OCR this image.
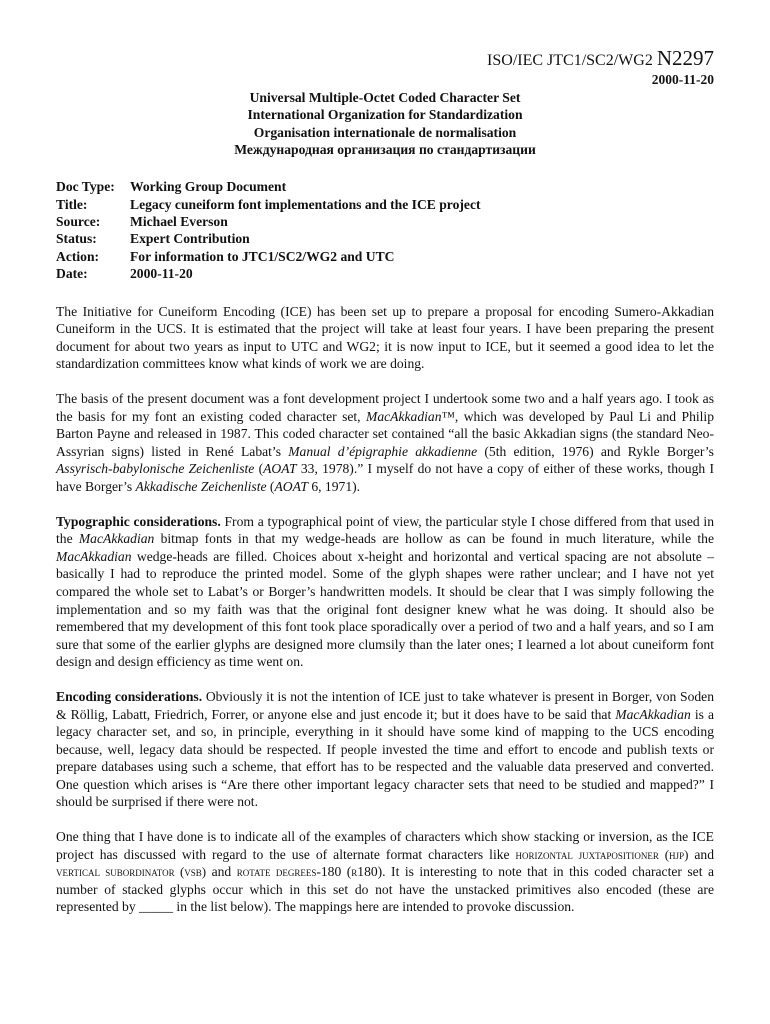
ISO/IEC JTC1/SC2/WG2 N2297
2000-11-20
Universal Multiple-Octet Coded Character Set
International Organization for Standardization
Organisation internationale de normalisation
Международная организация по стандартизации
Doc Type:	Working Group Document
Title:	Legacy cuneiform font implementations and the ICE project
Source:	Michael Everson
Status:	Expert Contribution
Action:	For information to JTC1/SC2/WG2 and UTC
Date:	2000-11-20

The Initiative for Cuneiform Encoding (ICE) has been set up to prepare a proposal for encoding Sumero-Akkadian Cuneiform in the UCS. It is estimated that the project will take at least four years. I have been preparing the present document for about two years as input to UTC and WG2; it is now input to ICE, but it seemed a good idea to let the standardization committees know what kinds of work we are doing.

The basis of the present document was a font development project I undertook some two and a half years ago. I took as the basis for my font an existing coded character set, MacAkkadian™, which was developed by Paul Li and Philip Barton Payne and released in 1987. This coded character set contained “all the basic Akkadian signs (the standard Neo-Assyrian signs) listed in René Labat’s Manual d’épigraphie akkadienne (5th edition, 1976) and Rykle Borger’s Assyrisch-babylonische Zeichenliste (AOAT 33, 1978).” I myself do not have a copy of either of these works, though I have Borger’s Akkadische Zeichenliste (AOAT 6, 1971).

Typographic considerations. From a typographical point of view, the particular style I chose differed from that used in the MacAkkadian bitmap fonts in that my wedge-heads are hollow as can be found in much literature, while the MacAkkadian wedge-heads are filled. Choices about x-height and horizontal and vertical spacing are not absolute – basically I had to reproduce the printed model. Some of the glyph shapes were rather unclear; and I have not yet compared the whole set to Labat’s or Borger’s handwritten models. It should be clear that I was simply following the implementation and so my faith was that the original font designer knew what he was doing. It should also be remembered that my development of this font took place sporadically over a period of two and a half years, and so I am sure that some of the earlier glyphs are designed more clumsily than the later ones; I learned a lot about cuneiform font design and design efficiency as time went on.

Encoding considerations. Obviously it is not the intention of ICE just to take whatever is present in Borger, von Soden & Röllig, Labatt, Friedrich, Forrer, or anyone else and just encode it; but it does have to be said that MacAkkadian is a legacy character set, and so, in principle, everything in it should have some kind of mapping to the UCS encoding because, well, legacy data should be respected. If people invested the time and effort to encode and publish texts or prepare databases using such a scheme, that effort has to be respected and the valuable data preserved and converted. One question which arises is “Are there other important legacy character sets that need to be studied and mapped?” I should be surprised if there were not.

One thing that I have done is to indicate all of the examples of characters which show stacking or inversion, as the ICE project has discussed with regard to the use of alternate format characters like horizontal juxtapositioner (hjp) and vertical subordinator (vsb) and rotate degrees-180 (r180). It is interesting to note that in this coded character set a number of stacked glyphs occur which in this set do not have the unstacked primitives also encoded (these are represented by _____ in the list below). The mappings here are intended to provoke discussion.
